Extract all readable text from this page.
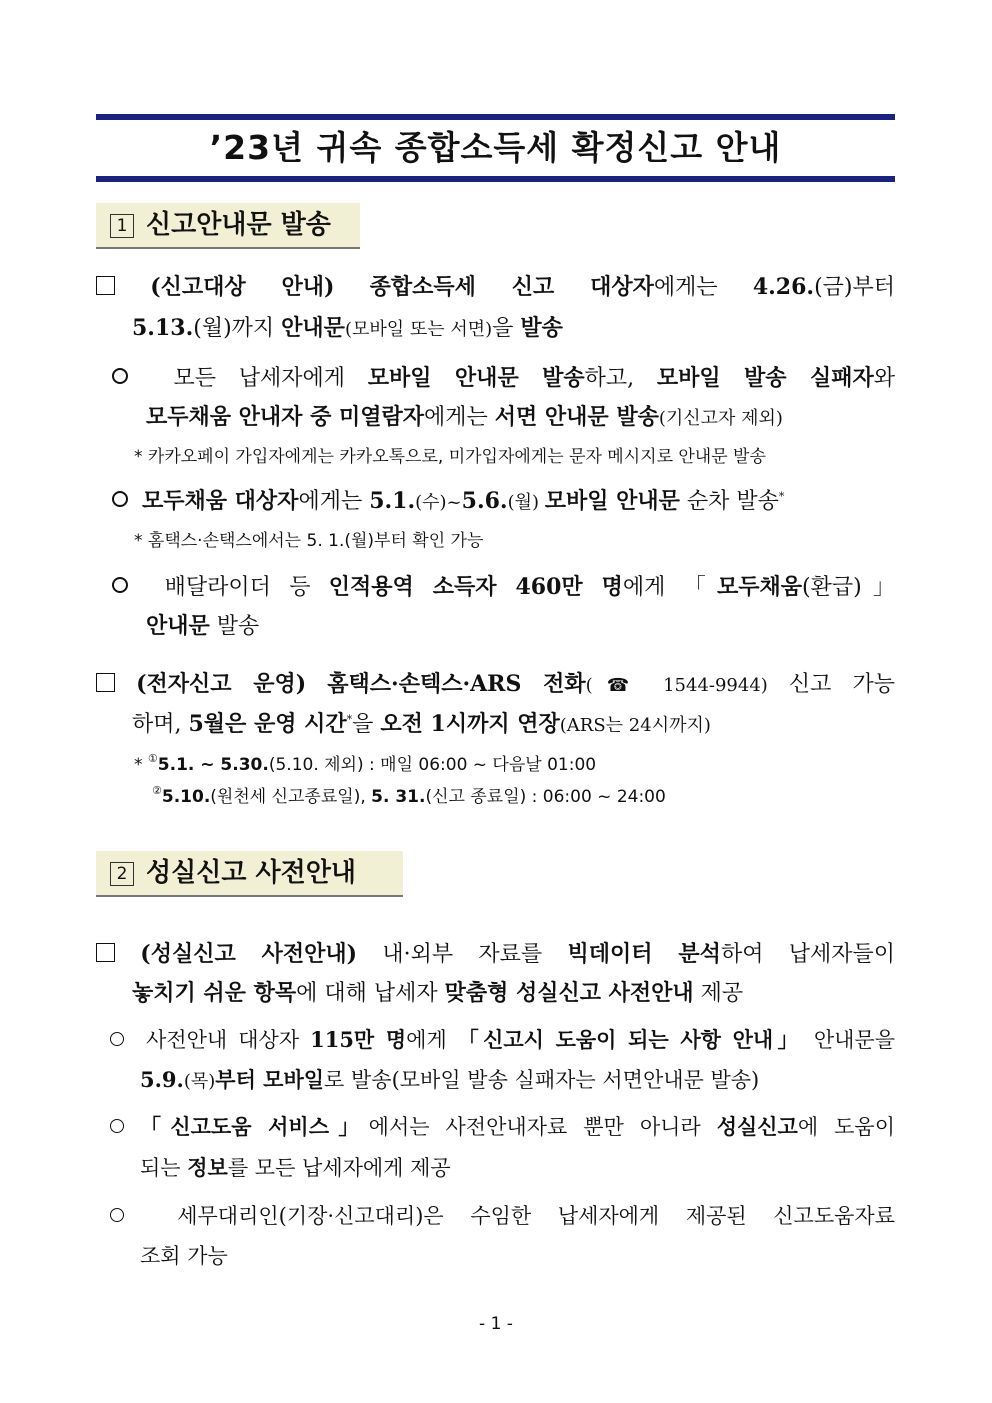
’23년 귀속 종합소득세 확정신고 안내
1 신고안내문 발송
(신고대상 안내) 종합소득세 신고 대상자에게는 4.26.(금)부터
5.13.(월)까지 안내문(모바일 또는 서면)을 발송
모든 납세자에게 모바일 안내문 발송하고, 모바일 발송 실패자와
모두채움 안내자 중 미열람자에게는 서면 안내문 발송(기신고자 제외)
* 카카오페이 가입자에게는 카카오톡으로, 미가입자에게는 문자 메시지로 안내문 발송
모두채움 대상자에게는 5.1.(수)~5.6.(월) 모바일 안내문 순차 발송*
* 홈택스·손택스에서는 5. 1.(월)부터 확인 가능
배달라이더 등 인적용역 소득자 460만 명에게 「모두채움(환급)」
안내문 발송
(전자신고 운영) 홈택스·손텍스·ARS 전화(☎ 1544-9944) 신고 가능
하며, 5월은 운영 시간*을 오전 1시까지 연장(ARS는 24시까지)
* ①5.1. ~ 5.30.(5.10. 제외) : 매일 06:00 ~ 다음날 01:00
②5.10.(원천세 신고종료일), 5. 31.(신고 종료일) : 06:00 ~ 24:00
2 성실신고 사전안내
(성실신고 사전안내) 내·외부 자료를 빅데이터 분석하여 납세자들이
놓치기 쉬운 항목에 대해 납세자 맞춤형 성실신고 사전안내 제공
사전안내 대상자 115만 명에게 「신고시 도움이 되는 사항 안내」 안내문을
5.9.(목)부터 모바일로 발송(모바일 발송 실패자는 서면안내문 발송)
「신고도움 서비스」에서는 사전안내자료 뿐만 아니라 성실신고에 도움이
되는 정보를 모든 납세자에게 제공
세무대리인(기장·신고대리)은 수임한 납세자에게 제공된 신고도움자료
조회 가능
- 1 -
